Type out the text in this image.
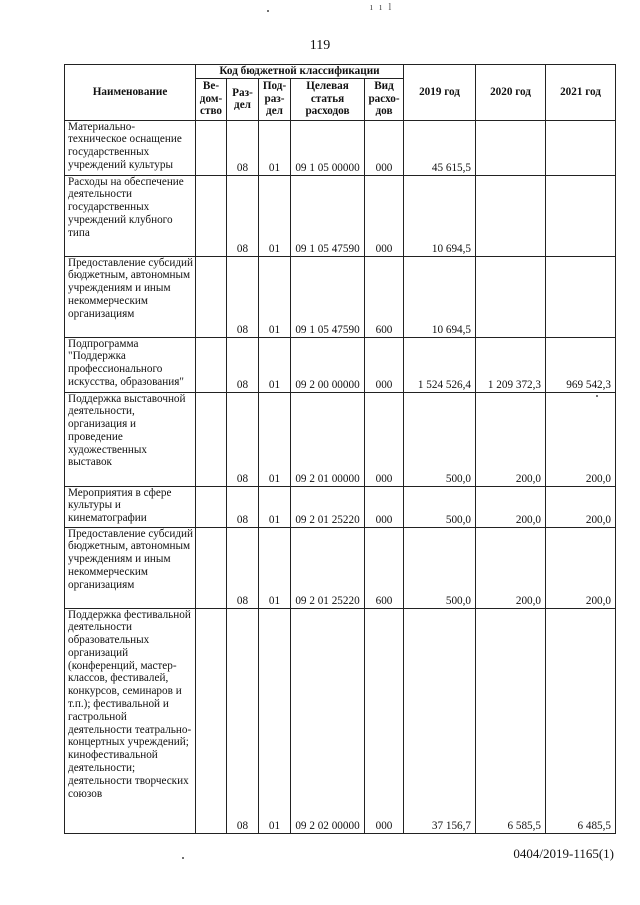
ı ı l
119
Наименование	Код бюджетной классификации					2019 год	2020 год	2021 год
	Ве-дом-ство	Раз-дел	Под-раз-дел	Целевая статья расходов	Вид расхо-дов			
Материально-техническое оснащение государственных учреждений культуры		08	01	09 1 05 00000	000	45 615,5		
Расходы на обеспечение деятельности государственных учреждений клубного типа		08	01	09 1 05 47590	000	10 694,5		
Предоставление субсидий бюджетным, автономным учреждениям и иным некоммерческим организациям		08	01	09 1 05 47590	600	10 694,5		
Подпрограмма "Поддержка профессионального искусства, образования"		08	01	09 2 00 00000	000	1 524 526,4	1 209 372,3	969 542,3
Поддержка выставочной деятельности, организация и проведение художественных выставок		08	01	09 2 01 00000	000	500,0	200,0	200,0
Мероприятия в сфере культуры и кинематографии		08	01	09 2 01 25220	000	500,0	200,0	200,0
Предоставление субсидий бюджетным, автономным учреждениям и иным некоммерческим организациям		08	01	09 2 01 25220	600	500,0	200,0	200,0
Поддержка фестивальной деятельности образовательных организаций (конференций, мастер-классов, фестивалей, конкурсов, семинаров и т.п.); фестивальной и гастрольной деятельности театрально-концертных учреждений; кинофестивальной деятельности; деятельности творческих союзов		08	01	09 2 02 00000	000	37 156,7	6 585,5	6 485,5
0404/2019-1165(1)
